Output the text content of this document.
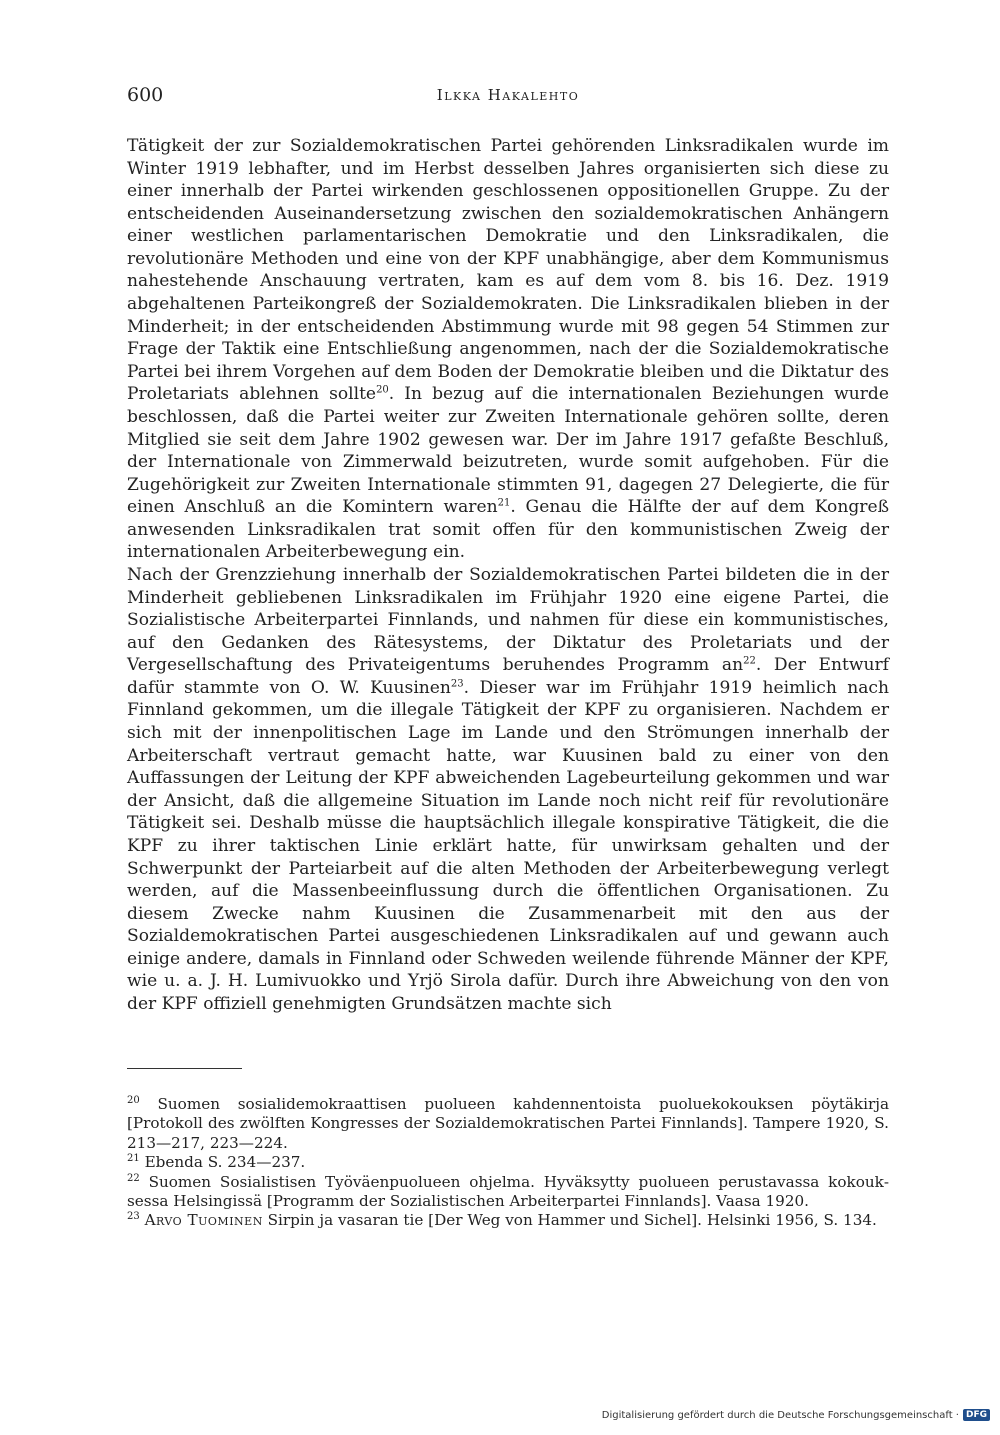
600	Ilkka Hakalehto

Tätigkeit der zur Sozialdemokratischen Partei gehörenden Linksradikalen wurde im Winter 1919 lebhafter, und im Herbst desselben Jahres organisierten sich diese zu einer innerhalb der Partei wirkenden geschlossenen oppositionellen Gruppe. Zu der entscheidenden Auseinandersetzung zwischen den sozialdemokratischen Anhängern einer westlichen parlamentarischen Demokratie und den Linksradikalen, die revolutionäre Methoden und eine von der KPF unabhängige, aber dem Kommunismus nahestehende Anschauung vertraten, kam es auf dem vom 8. bis 16. Dez. 1919 abgehaltenen Parteikongreß der Sozialdemokraten. Die Linksradikalen blieben in der Minderheit; in der entscheidenden Abstimmung wurde mit 98 gegen 54 Stimmen zur Frage der Taktik eine Entschließung angenommen, nach der die Sozialdemokratische Partei bei ihrem Vorgehen auf dem Boden der Demokratie bleiben und die Diktatur des Proletariats ablehnen sollte$^{20}$. In bezug auf die internationalen Beziehungen wurde beschlossen, daß die Partei weiter zur Zweiten Internationale gehören sollte, deren Mitglied sie seit dem Jahre 1902 gewesen war. Der im Jahre 1917 gefaßte Beschluß, der Internationale von Zimmerwald beizutreten, wurde somit aufgehoben. Für die Zugehörigkeit zur Zweiten Internationale stimmten 91, dagegen 27 Delegierte, die für einen Anschluß an die Komintern waren$^{21}$. Genau die Hälfte der auf dem Kongreß anwesenden Linksradikalen trat somit offen für den kommunistischen Zweig der internationalen Arbeiterbewegung ein.

Nach der Grenzziehung innerhalb der Sozialdemokratischen Partei bildeten die in der Minderheit gebliebenen Linksradikalen im Frühjahr 1920 eine eigene Partei, die Sozialistische Arbeiterpartei Finnlands, und nahmen für diese ein kommunistisches, auf den Gedanken des Rätesystems, der Diktatur des Proletariats und der Vergesellschaftung des Privateigentums beruhendes Programm $an^{22}$. Der Entwurf dafür stammte von O. W. Kuusinen$^{23}$. Dieser war im Frühjahr 1919 heimlich nach Finnland gekommen, um die illegale Tätigkeit der KPF zu organisieren. Nachdem er sich mit der innenpolitischen Lage im Lande und den Strömungen innerhalb der Arbeiterschaft vertraut gemacht hatte, war Kuusinen bald zu einer von den Auffassungen der Leitung der KPF abweichenden Lagebeurteilung gekommen und war der Ansicht, daß die allgemeine Situation im Lande noch nicht reif für revolutionäre Tätigkeit sei. Deshalb müsse die hauptsächlich illegale konspirative Tätigkeit, die die KPF zu ihrer taktischen Linie erklärt hatte, für unwirksam gehalten und der Schwerpunkt der Parteiarbeit auf die alten Methoden der Arbeiterbewegung verlegt werden, auf die Massenbeeinflussung durch die öffentlichen Organisationen. Zu diesem Zwecke nahm Kuusinen die Zusammenarbeit mit den aus der Sozialdemokratischen Partei ausgeschiedenen Linksradikalen auf und gewann auch einige andere, damals in Finnland oder Schweden weilende führende Männer der KPF, wie u. a. J. H. Lumivuokko und Yrjö Sirola dafür. Durch ihre Abweichung von den von der KPF offiziell genehmigten Grundsätzen machte sich

$^{20}$ Suomen sosialidemokraattisen puolueen kahdennentoista puoluekokouksen pöytäkirja [Protokoll des zwölften Kongresses der Sozialdemokratischen Partei Finnlands]. Tampere 1920, S. 213—217, 223—224.

$^{21}$ Ebenda S. 234—237.

$^{22}$ Suomen Sosialistisen Työväenpuolueen ohjelma. Hyväksytty puolueen perustavassa kokouksessa Helsingissä [Programm der Sozialistischen Arbeiterpartei Finnlands]. Vaasa 1920.

$^{23}$ Arvo Tuominen Sirpin ja vasaran tie [Der Weg von Hammer und Sichel]. Helsinki 1956, S. 134.

Digitalisierung gefördert durch die Deutsche Forschungsgemeinschaft · DFG
